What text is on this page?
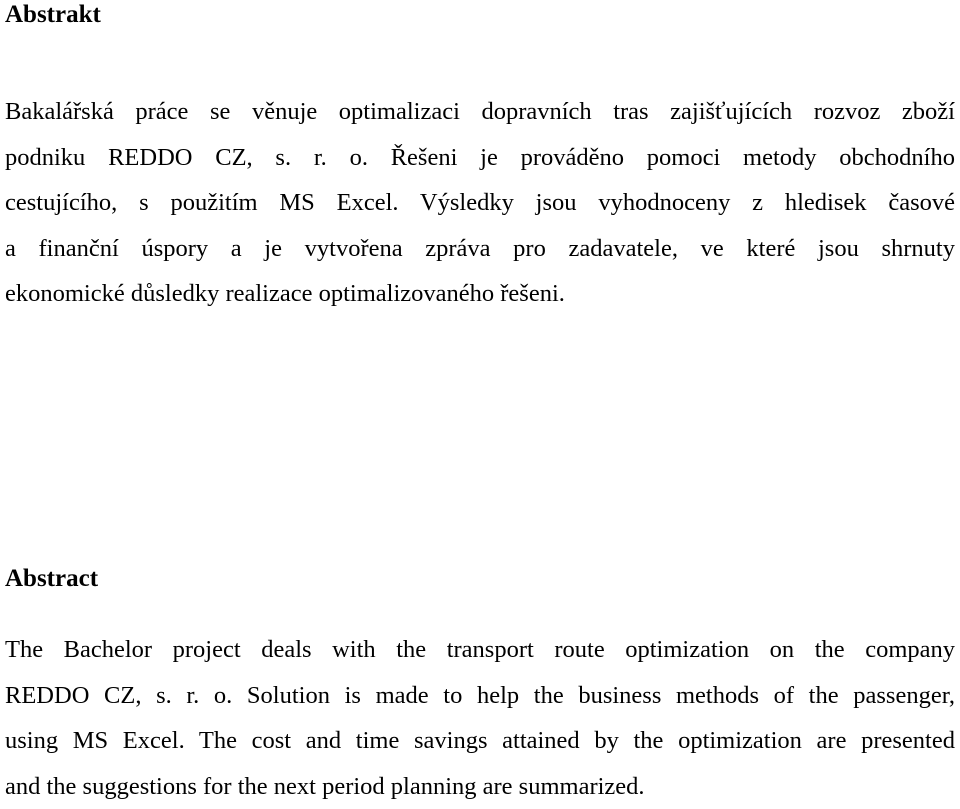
Abstrakt

Bakalářská práce se věnuje optimalizaci dopravních tras zajišťujících rozvoz zboží
podniku REDDO CZ, s. r. o. Řešeni je prováděno pomoci metody obchodního
cestujícího, s použitím MS Excel. Výsledky jsou vyhodnoceny z hledisek časové
a finanční úspory a je vytvořena zpráva pro zadavatele, ve které jsou shrnuty
ekonomické důsledky realizace optimalizovaného řešeni.

Abstract

The Bachelor project deals with the transport route optimization on the company
REDDO CZ, s. r. o. Solution is made to help the business methods of the passenger,
using MS Excel. The cost and time savings attained by the optimization are presented
and the suggestions for the next period planning are summarized.
